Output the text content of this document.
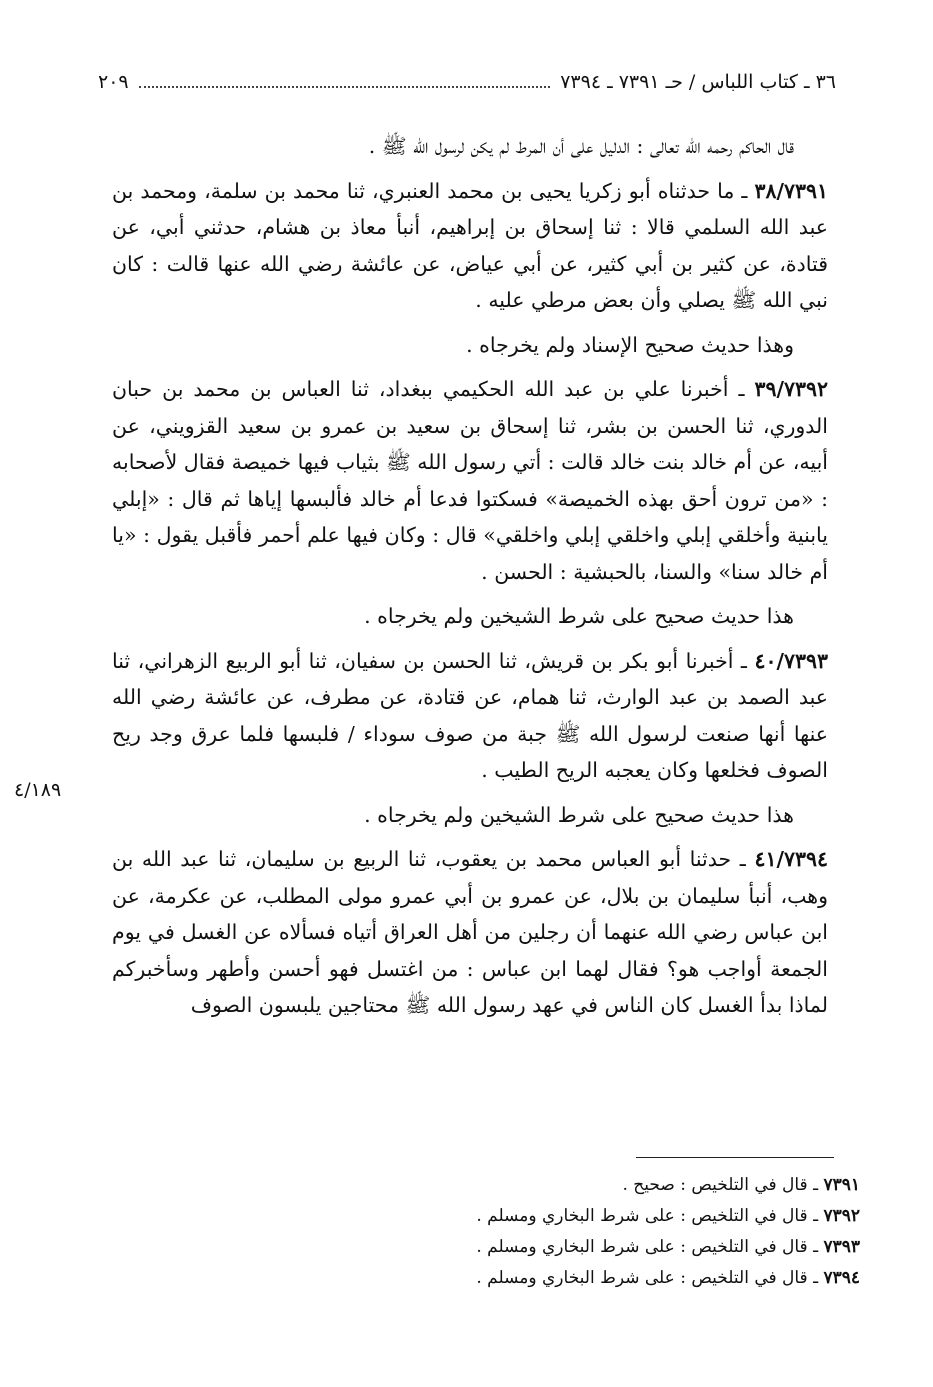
٣٦ ـ كتاب اللباس / حـ ٧٣٩١ ـ ٧٣٩٤
٢٠٩

قال الحاكم رحمه الله تعالى : الدليل على أن المرط لم يكن لرسول الله ﷺ .

٣٨/٧٣٩١ ـ ما حدثناه أبو زكريا يحيى بن محمد العنبري، ثنا محمد بن سلمة، ومحمد بن عبد الله السلمي قالا : ثنا إسحاق بن إبراهيم، أنبأ معاذ بن هشام، حدثني أبي، عن قتادة، عن كثير بن أبي كثير، عن أبي عياض، عن عائشة رضي الله عنها قالت : كان نبي الله ﷺ يصلي وأن بعض مرطي عليه .

وهذا حديث صحيح الإسناد ولم يخرجاه .

٣٩/٧٣٩٢ ـ أخبرنا علي بن عبد الله الحكيمي ببغداد، ثنا العباس بن محمد بن حبان الدوري، ثنا الحسن بن بشر، ثنا إسحاق بن سعيد بن عمرو بن سعيد القزويني، عن أبيه، عن أم خالد بنت خالد قالت : أتي رسول الله ﷺ بثياب فيها خميصة فقال لأصحابه : «من ترون أحق بهذه الخميصة» فسكتوا فدعا أم خالد فألبسها إياها ثم قال : «إبلي يابنية وأخلقي إبلي واخلقي إبلي واخلقي» قال : وكان فيها علم أحمر فأقبل يقول : «يا أم خالد سنا» والسنا، بالحبشية : الحسن .

هذا حديث صحيح على شرط الشيخين ولم يخرجاه .

٤٠/٧٣٩٣ ـ أخبرنا أبو بكر بن قريش، ثنا الحسن بن سفيان، ثنا أبو الربيع الزهراني، ثنا عبد الصمد بن عبد الوارث، ثنا همام، عن قتادة، عن مطرف، عن عائشة رضي الله عنها أنها صنعت لرسول الله ﷺ جبة من صوف سوداء / فلبسها فلما عرق وجد ريح الصوف فخلعها وكان يعجبه الريح الطيب .

هذا حديث صحيح على شرط الشيخين ولم يخرجاه .

٤١/٧٣٩٤ ـ حدثنا أبو العباس محمد بن يعقوب، ثنا الربيع بن سليمان، ثنا عبد الله بن وهب، أنبأ سليمان بن بلال، عن عمرو بن أبي عمرو مولى المطلب، عن عكرمة، عن ابن عباس رضي الله عنهما أن رجلين من أهل العراق أتياه فسألاه عن الغسل في يوم الجمعة أواجب هو؟ فقال لهما ابن عباس : من اغتسل فهو أحسن وأطهر وسأخبركم لماذا بدأ الغسل كان الناس في عهد رسول الله ﷺ محتاجين يلبسون الصوف

٤/١٨٩

٧٣٩١ ـ قال في التلخيص : صحيح .

٧٣٩٢ ـ قال في التلخيص : على شرط البخاري ومسلم .

٧٣٩٣ ـ قال في التلخيص : على شرط البخاري ومسلم .

٧٣٩٤ ـ قال في التلخيص : على شرط البخاري ومسلم .
